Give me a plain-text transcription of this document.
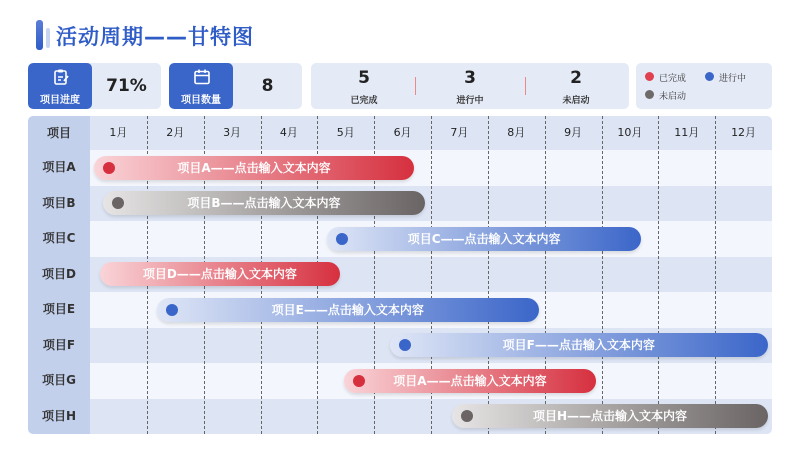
活动周期——甘特图
项目进度
71%
项目数量
8	5
已完成
3
进行中
2
未启动
已完成	进行中
未启动
1月	2月	3月	4月	5月	6月	7月	8月	9月	10月	11月	12月
项目
项目A
项目B
项目C
项目D
项目E
项目F
项目G
项目H
项目A——点击输入文本内容
项目B——点击输入文本内容
项目C——点击输入文本内容
项目D——点击输入文本内容
项目E——点击输入文本内容
项目F——点击输入文本内容
项目A——点击输入文本内容
项目H——点击输入文本内容
